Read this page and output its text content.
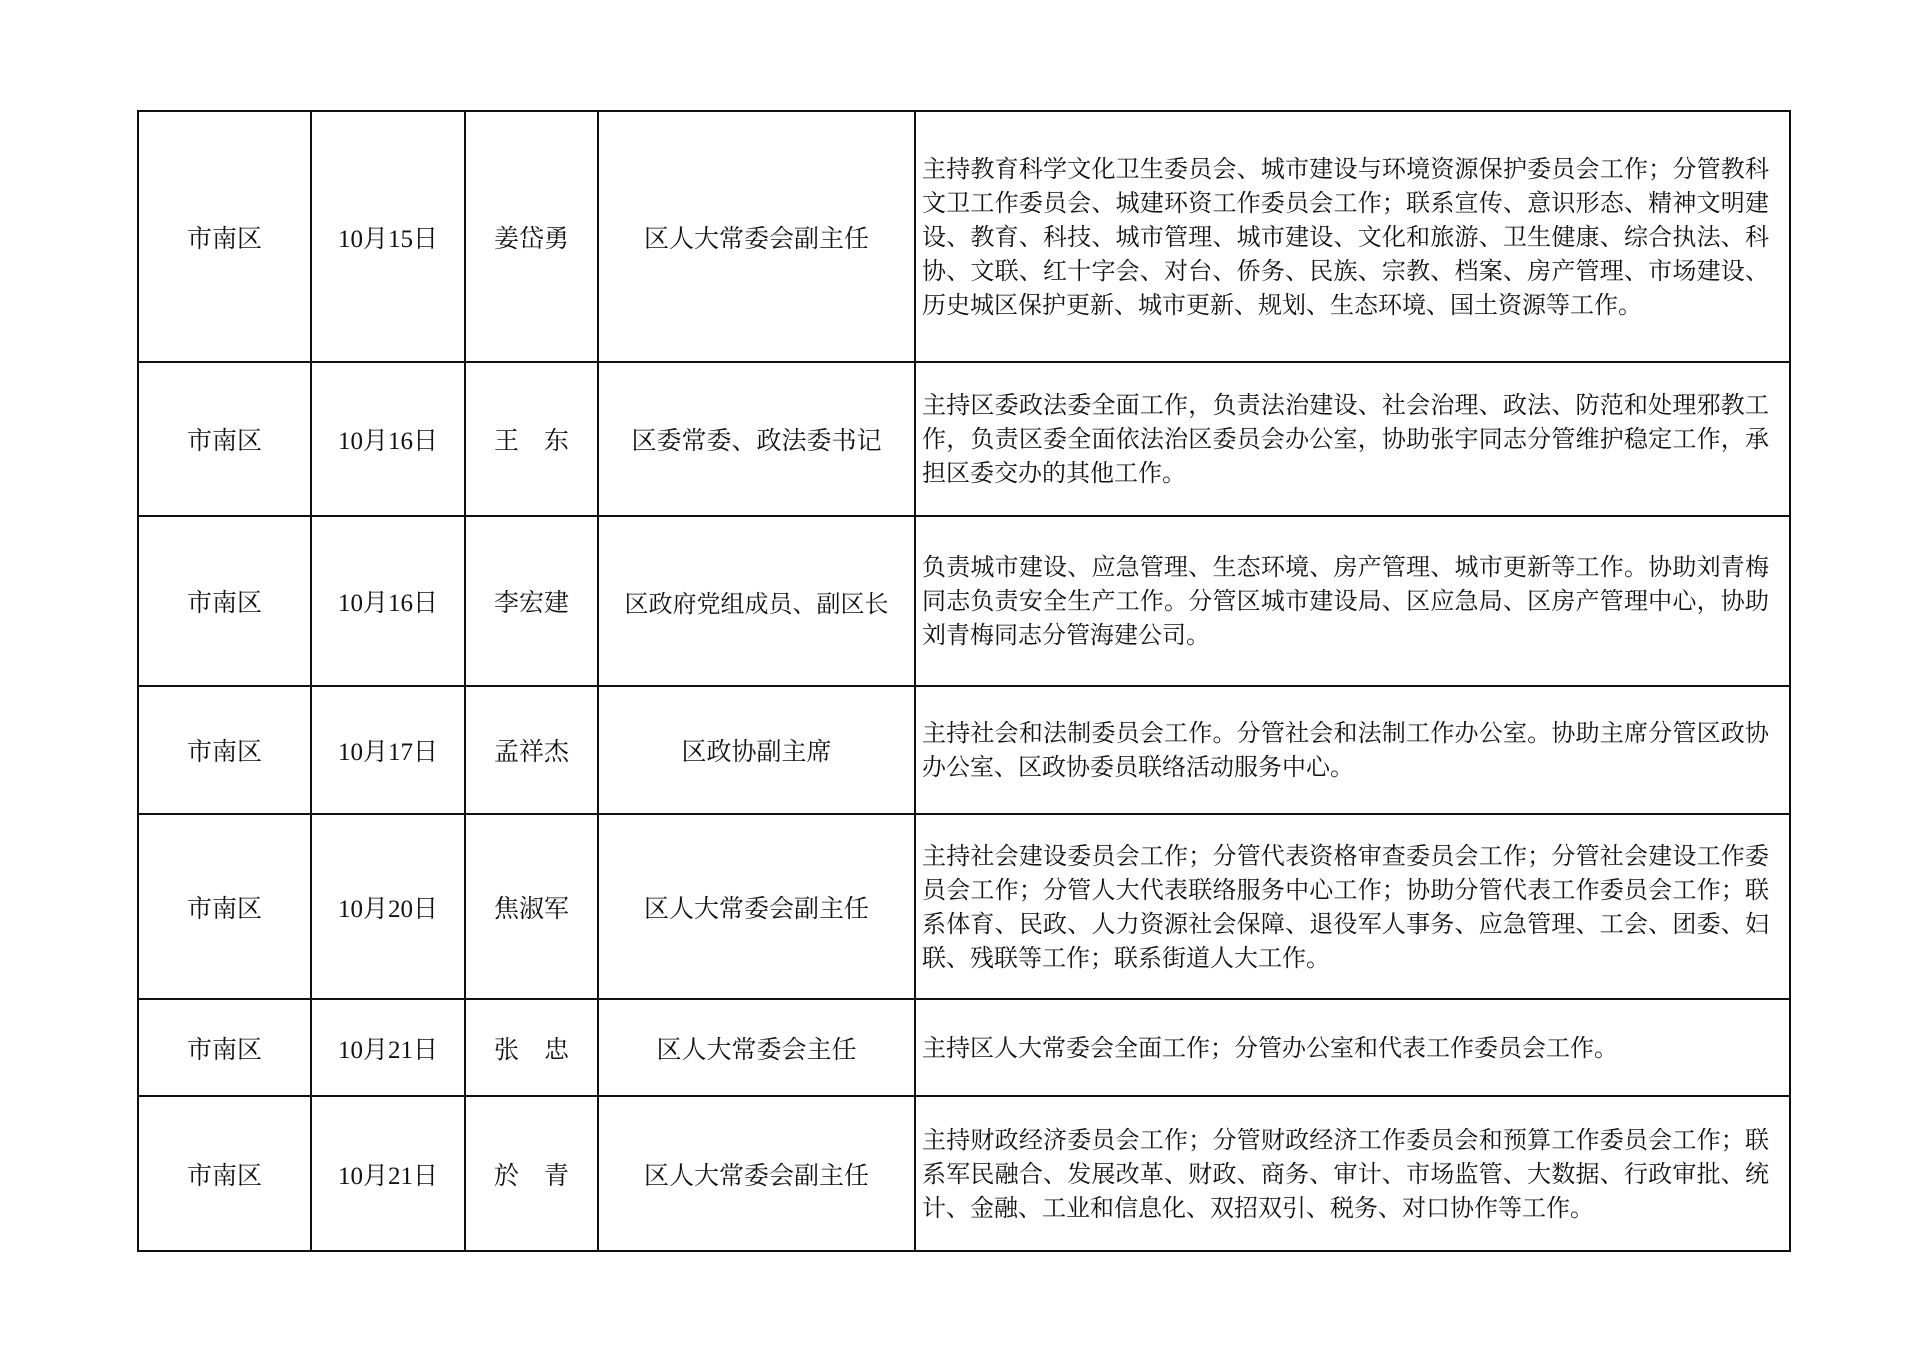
市南区	10月15日	姜岱勇	区人大常委会副主任	主持教育科学文化卫生委员会、城市建设与环境资源保护委员会工作；分管教科文卫工作委员会、城建环资工作委员会工作；联系宣传、意识形态、精神文明建设、教育、科技、城市管理、城市建设、文化和旅游、卫生健康、综合执法、科协、文联、红十字会、对台、侨务、民族、宗教、档案、房产管理、市场建设、历史城区保护更新、城市更新、规划、生态环境、国土资源等工作。
市南区	10月16日	王　东	区委常委、政法委书记	主持区委政法委全面工作，负责法治建设、社会治理、政法、防范和处理邪教工作，负责区委全面依法治区委员会办公室，协助张宇同志分管维护稳定工作，承担区委交办的其他工作。
市南区	10月16日	李宏建	区政府党组成员、副区长	负责城市建设、应急管理、生态环境、房产管理、城市更新等工作。协助刘青梅同志负责安全生产工作。分管区城市建设局、区应急局、区房产管理中心，协助刘青梅同志分管海建公司。
市南区	10月17日	孟祥杰	区政协副主席	主持社会和法制委员会工作。分管社会和法制工作办公室。协助主席分管区政协办公室、区政协委员联络活动服务中心。
市南区	10月20日	焦淑军	区人大常委会副主任	主持社会建设委员会工作；分管代表资格审查委员会工作；分管社会建设工作委员会工作；分管人大代表联络服务中心工作；协助分管代表工作委员会工作；联系体育、民政、人力资源社会保障、退役军人事务、应急管理、工会、团委、妇联、残联等工作；联系街道人大工作。
市南区	10月21日	张　忠	区人大常委会主任	主持区人大常委会全面工作；分管办公室和代表工作委员会工作。
市南区	10月21日	於　青	区人大常委会副主任	主持财政经济委员会工作；分管财政经济工作委员会和预算工作委员会工作；联系军民融合、发展改革、财政、商务、审计、市场监管、大数据、行政审批、统计、金融、工业和信息化、双招双引、税务、对口协作等工作。
